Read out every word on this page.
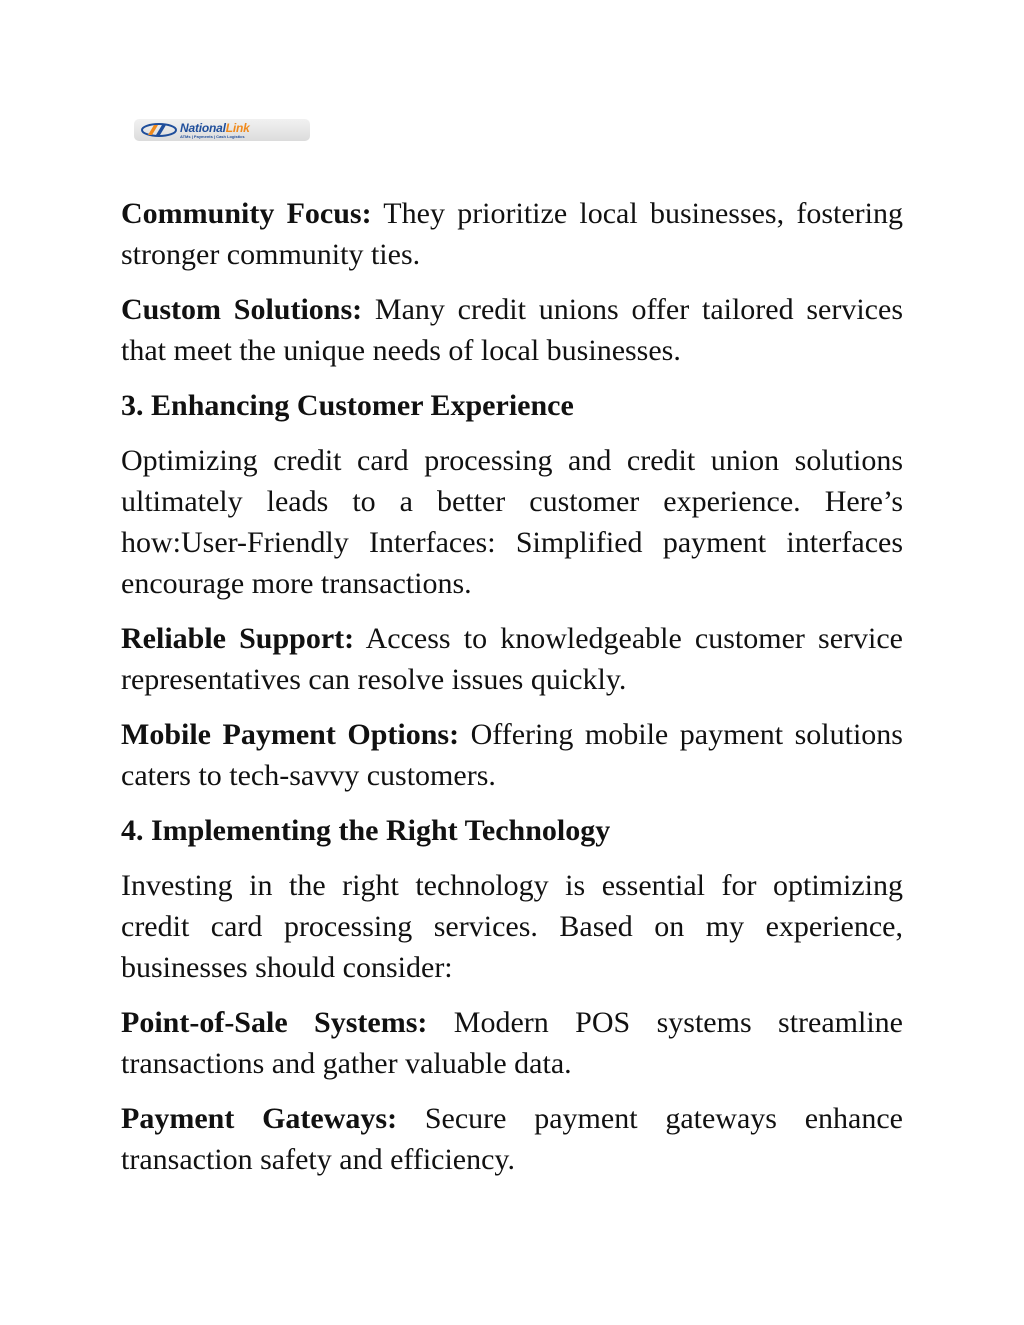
NationalLink
ATMs | Payments | Cash Logistics

Community Focus: They prioritize local businesses, fostering stronger community ties.

Custom Solutions: Many credit unions offer tailored services that meet the unique needs of local businesses.

3. Enhancing Customer Experience

Optimizing credit card processing and credit union solutions ultimately leads to a better customer experience. Here’s how:User-Friendly Interfaces: Simplified payment interfaces encourage more transactions.

Reliable Support: Access to knowledgeable customer service representatives can resolve issues quickly.

Mobile Payment Options: Offering mobile payment solutions caters to tech-savvy customers.

4. Implementing the Right Technology

Investing in the right technology is essential for optimizing credit card processing services. Based on my experience, businesses should consider:

Point-of-Sale Systems: Modern POS systems streamline transactions and gather valuable data.

Payment Gateways: Secure payment gateways enhance transaction safety and efficiency.
